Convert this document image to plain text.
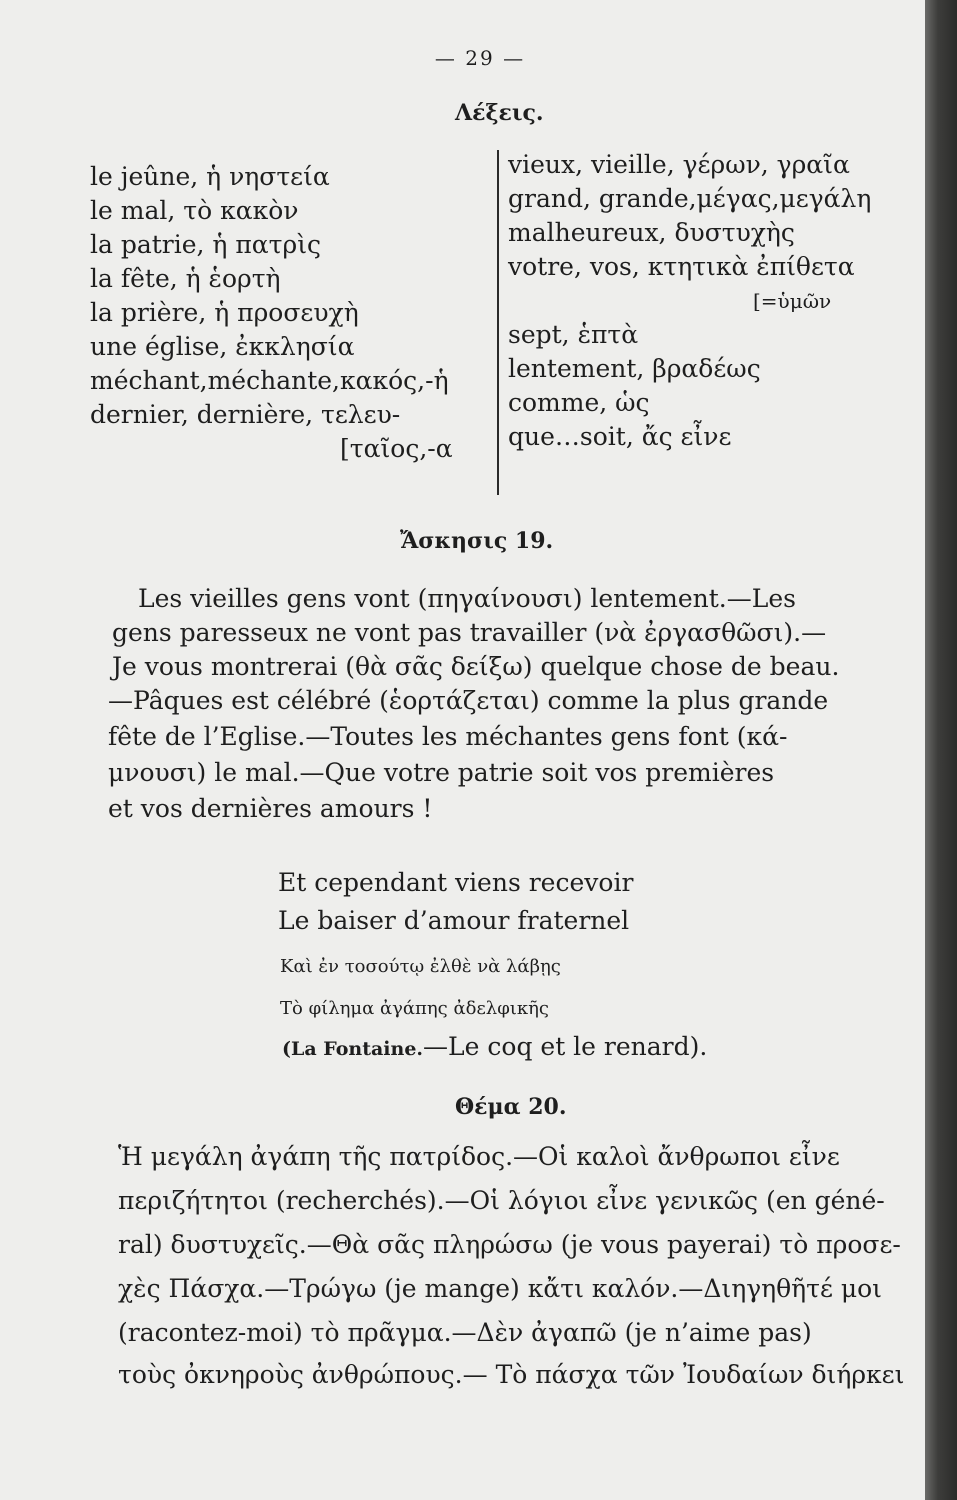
— 29 —
Λέξεις.
le jeûne, ἡ νηστεία
le mal, τὸ κακὸν
la patrie, ἡ πατρὶς
la fête, ἡ ἑορτὴ
la prière, ἡ προσευχὴ
une église, ἐκκλησία
méchant,méchante,κακός,-ἡ
dernier, dernière, τελευ-
[ταῖος,-α
vieux, vieille, γέρων, γραῖα
grand, grande,μέγας,μεγάλη
malheureux, δυστυχὴς
votre, vos, κτητικὰ ἐπίθετα
[=ὑμῶν
sept, ἑπτὰ
lentement, βραδέως
comme, ὡς
que…soit, ἄς εἶνε
Ἄσκησις 19.
Les vieilles gens vont (πηγαίνουσι) lentement.—Les
gens paresseux ne vont pas travailler (νὰ ἐργασθῶσι).—
Je vous montrerai (θὰ σᾶς δείξω) quelque chose de beau.
—Pâques est célébré (ἑορτάζεται) comme la plus grande
fête de l’Eglise.—Toutes les méchantes gens font (κά-
μνουσι) le mal.—Que votre patrie soit vos premières
et vos dernières amours !
Et cependant viens recevoir
Le baiser d’amour fraternel
Καὶ ἐν τοσούτῳ ἐλθὲ νὰ λάβῃς
Τὸ φίλημα ἀγάπης ἀδελφικῆς
(La Fontaine.—Le coq et le renard).
Θέμα 20.
Ἡ μεγάλη ἀγάπη τῆς πατρίδος.—Οἱ καλοὶ ἄνθρωποι εἶνε
περιζήτητοι (recherchés).—Οἱ λόγιοι εἶνε γενικῶς (en géné-
ral) δυστυχεῖς.—Θὰ σᾶς πληρώσω (je vous payerai) τὸ προσε-
χὲς Πάσχα.—Τρώγω (je mange) κἄτι καλόν.—Διηγηθῆτέ μοι
(racontez-moi) τὸ πρᾶγμα.—Δὲν ἀγαπῶ (je n’aime pas)
τοὺς ὀκνηροὺς ἀνθρώπους.— Τὸ πάσχα τῶν Ἰουδαίων διήρκει
